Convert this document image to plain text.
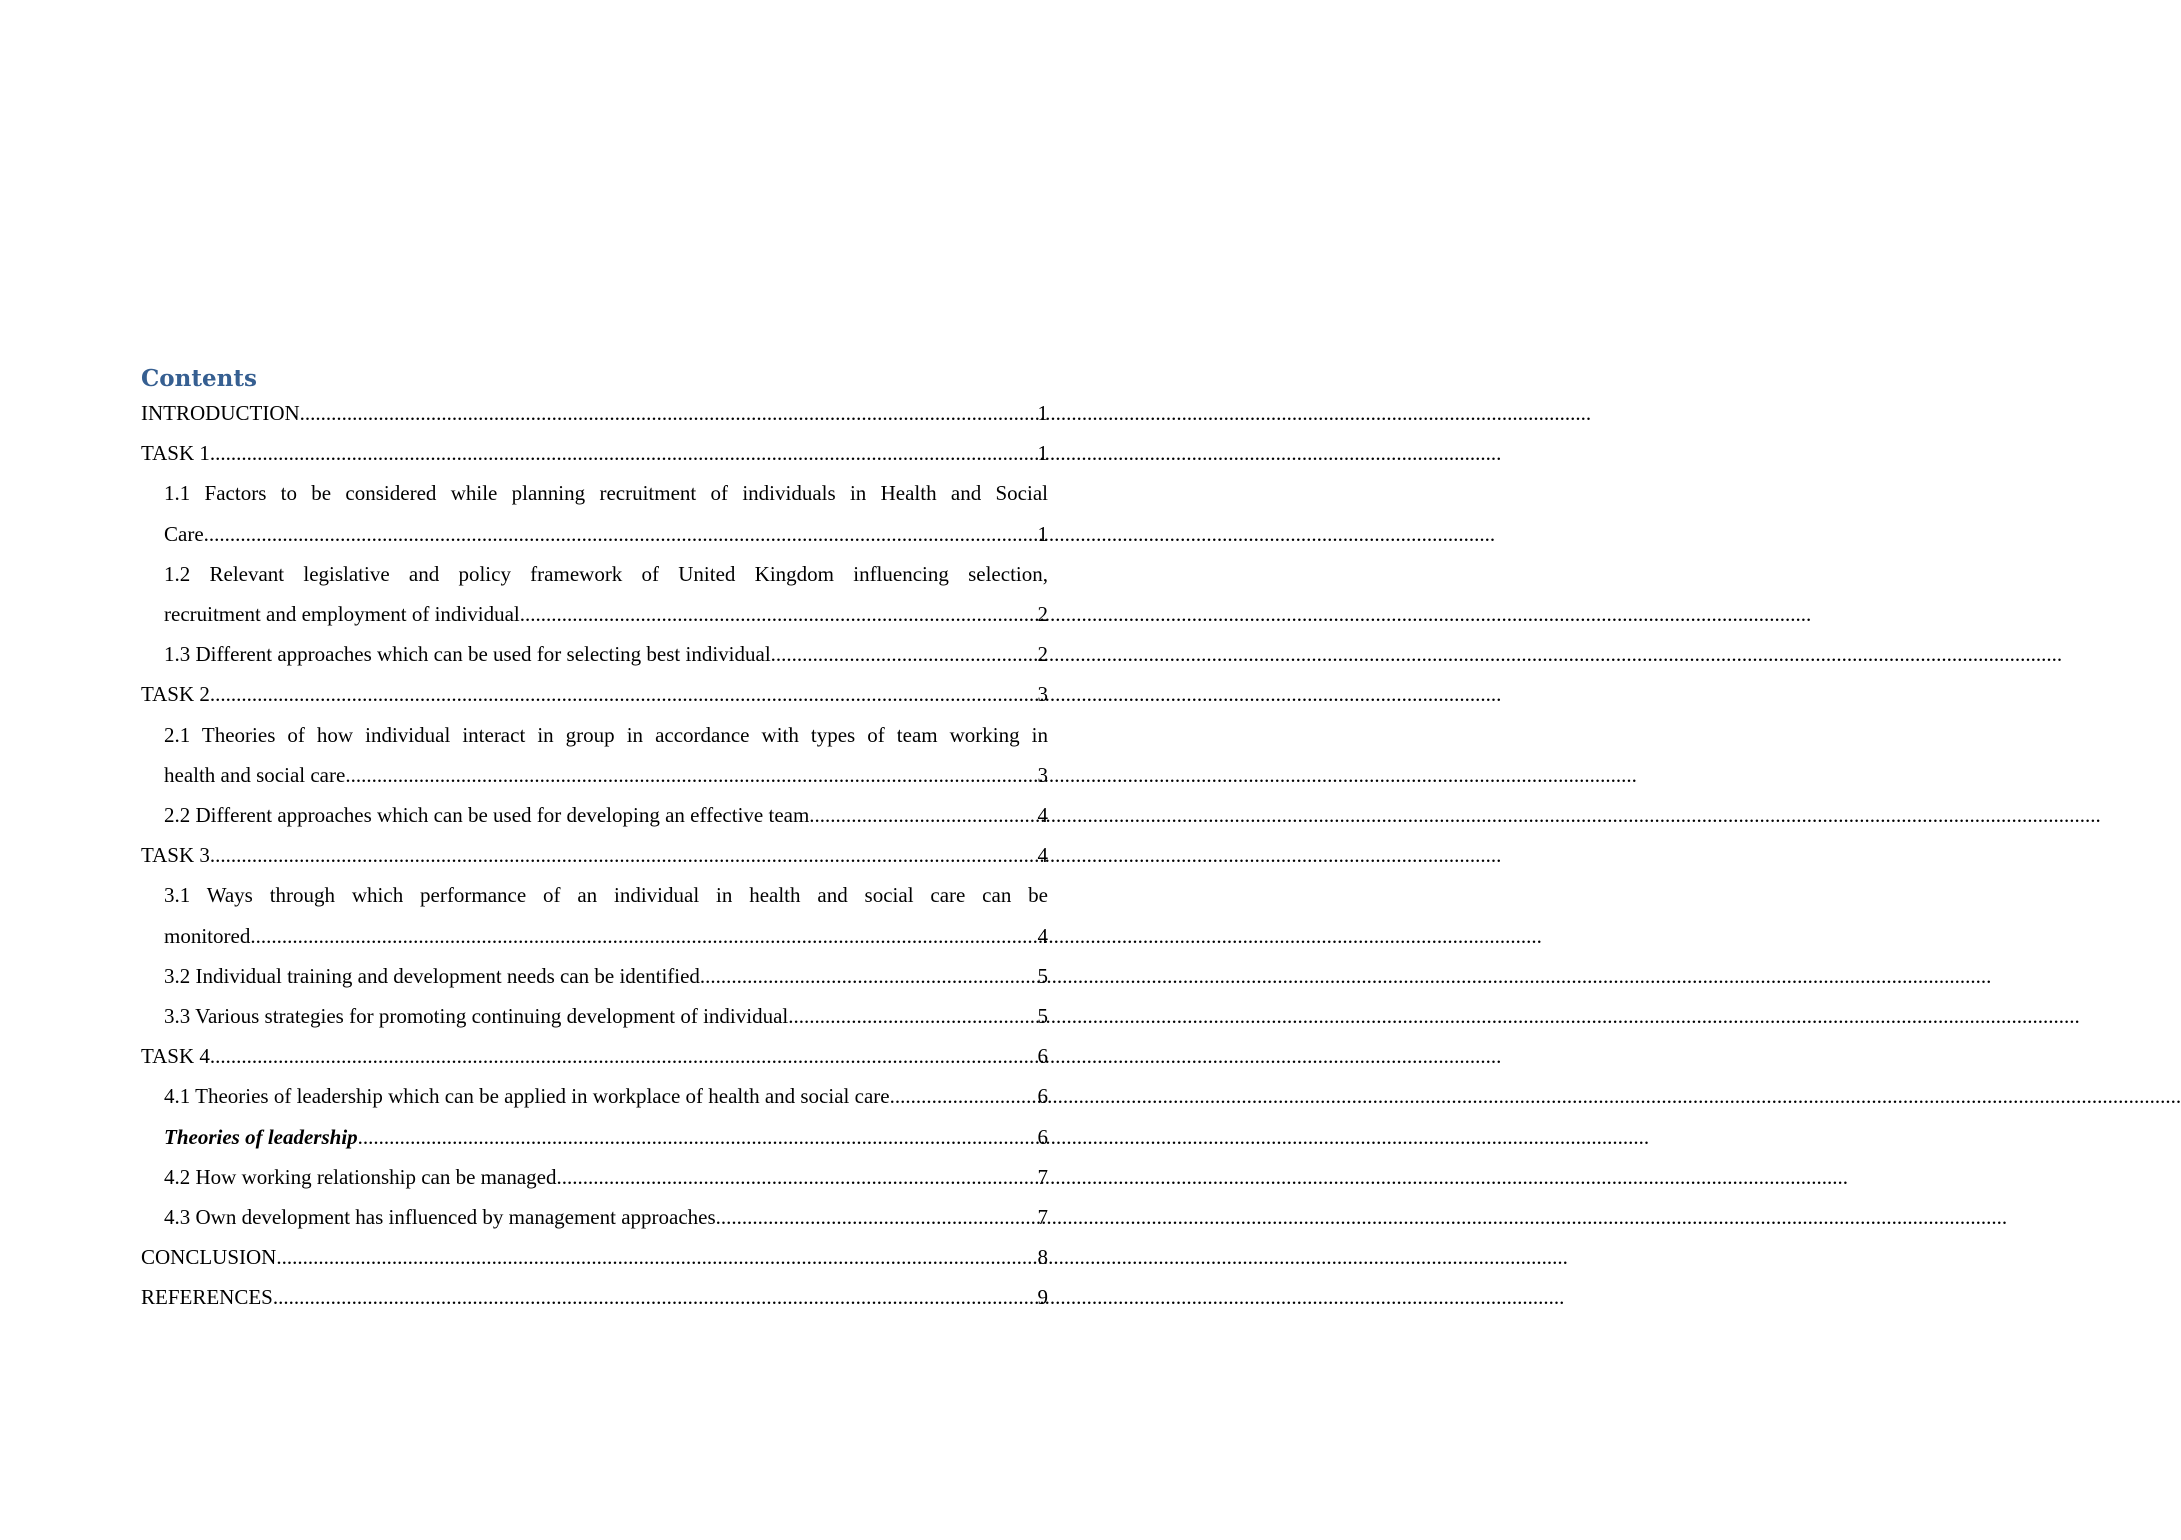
Contents
INTRODUCTION .....	1
TASK 1 .....	1
1.1 Factors to be considered while planning recruitment of individuals in Health and Social
Care .....	1
1.2 Relevant legislative and policy framework of United Kingdom influencing selection,
recruitment and employment of individual .....	2
1.3 Different approaches which can be used for selecting best individual .....	2
TASK 2 .....	3
2.1 Theories of how individual interact in group in accordance with types of team working in
health and social care .....	3
2.2 Different approaches which can be used for developing an effective team .....	4
TASK 3 .....	4
3.1 Ways through which performance of an individual in health and social care can be
monitored .....	4
3.2 Individual training and development needs can be identified .....	5
3.3 Various strategies for promoting continuing development of individual .....	5
TASK 4 .....	6
4.1 Theories of leadership which can be applied in workplace of health and social care .....	6
Theories of leadership .....	6
4.2 How working relationship can be managed .....	7
4.3 Own development has influenced by management approaches .....	7
CONCLUSION .....	8
REFERENCES .....	9
